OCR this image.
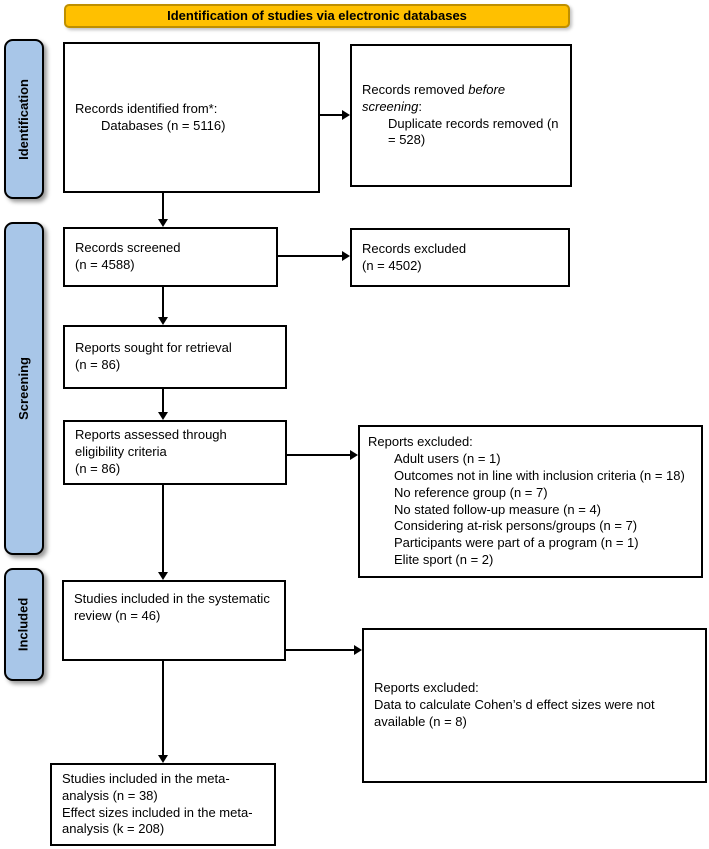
Identification of studies via electronic databases
Identification
Screening
Included
Records identified from*:
Databases (n = 5116)
Records removed before screening:
Duplicate records removed (n = 528)
Records screened
(n = 4588)
Records excluded
(n = 4502)
Reports sought for retrieval
(n = 86)
Reports assessed through eligibility criteria
(n = 86)
Reports excluded:
Adult users (n = 1)
Outcomes not in line with inclusion criteria (n = 18)
No reference group (n = 7)
No stated follow-up measure (n = 4)
Considering at-risk persons/groups (n = 7)
Participants were part of a program (n = 1)
Elite sport (n = 2)
Studies included in the systematic review (n = 46)
Reports excluded:
Data to calculate Cohen’s d effect sizes were not available (n = 8)
Studies included in the meta-analysis (n = 38)
Effect sizes included in the meta-analysis (k = 208)
